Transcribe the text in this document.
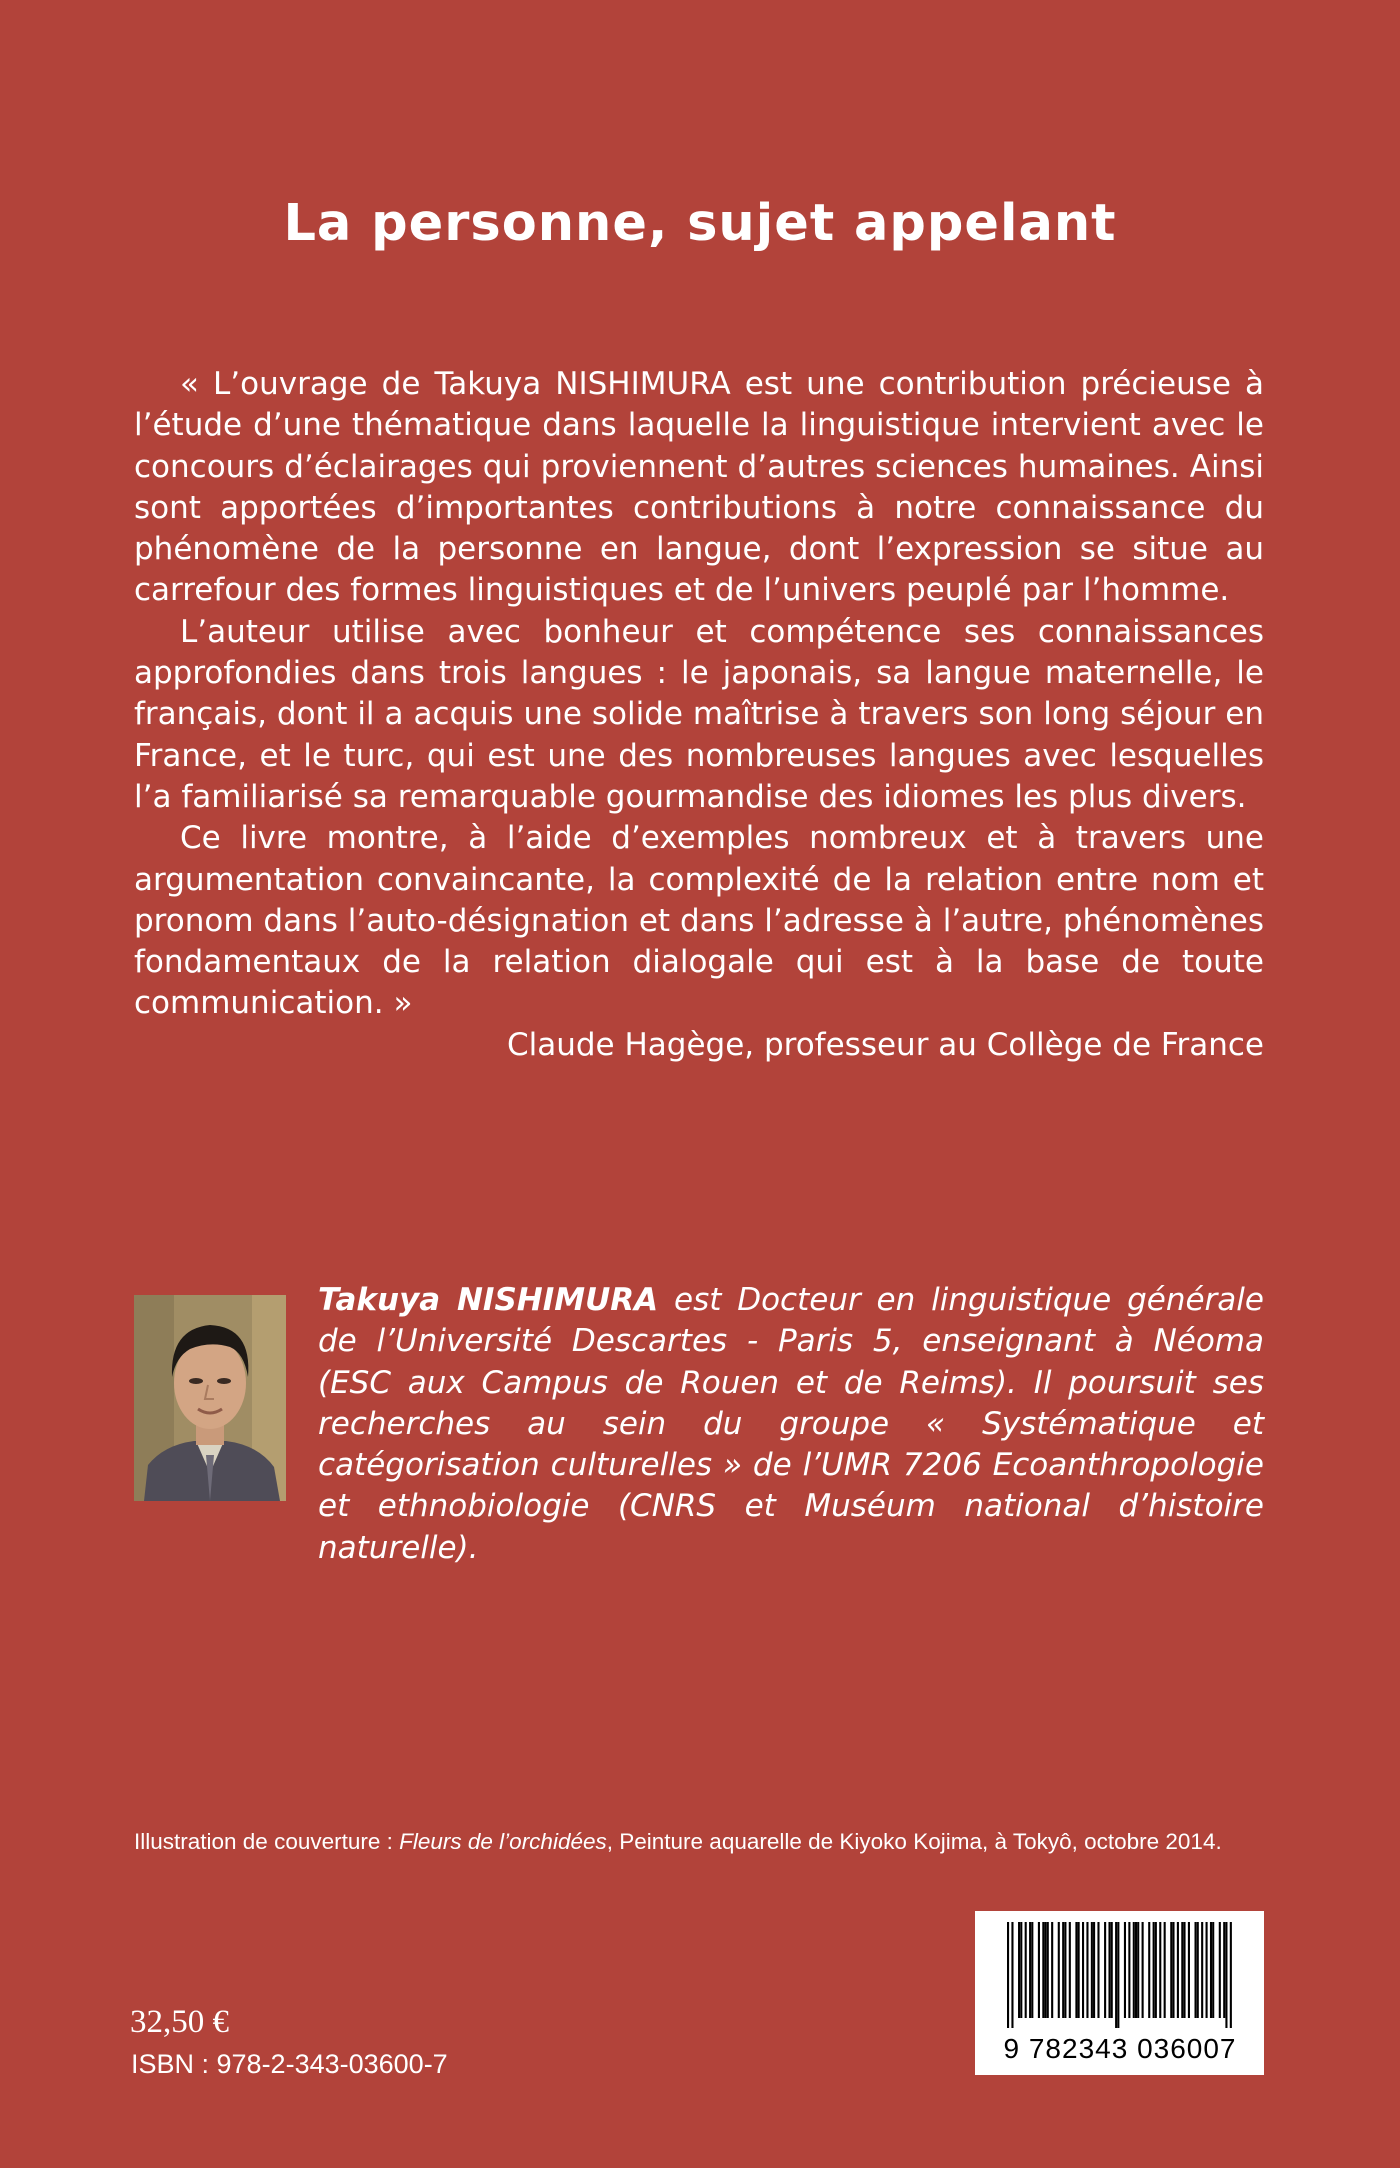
La personne, sujet appelant

« L’ouvrage de Takuya NISHIMURA est une contribution précieuse à l’étude d’une thématique dans laquelle la linguistique intervient avec le concours d’éclairages qui proviennent d’autres sciences humaines. Ainsi sont apportées d’importantes contributions à notre connaissance du phénomène de la personne en langue, dont l’expression se situe au carrefour des formes linguistiques et de l’univers peuplé par l’homme.

L’auteur utilise avec bonheur et compétence ses connaissances approfondies dans trois langues : le japonais, sa langue maternelle, le français, dont il a acquis une solide maîtrise à travers son long séjour en France, et le turc, qui est une des nombreuses langues avec lesquelles l’a familiarisé sa remarquable gourmandise des idiomes les plus divers.

Ce livre montre, à l’aide d’exemples nombreux et à travers une argumentation convaincante, la complexité de la relation entre nom et pronom dans l’auto-désignation et dans l’adresse à l’autre, phénomènes fondamentaux de la relation dialogale qui est à la base de toute communication. »

Claude Hagège, professeur au Collège de France

Takuya NISHIMURA est Docteur en linguistique générale de l’Université Descartes - Paris 5, enseignant à Néoma (ESC aux Campus de Rouen et de Reims). Il poursuit ses recherches au sein du groupe « Systématique et catégorisation culturelles » de l’UMR 7206 Ecoanthropologie et ethnobiologie (CNRS et Muséum national d’histoire naturelle).

Illustration de couverture : Fleurs de l’orchidées, Peinture aquarelle de Kiyoko Kojima, à Tokyô, octobre 2014.

9 782343 036007

32,50 €

ISBN : 978-2-343-03600-7
